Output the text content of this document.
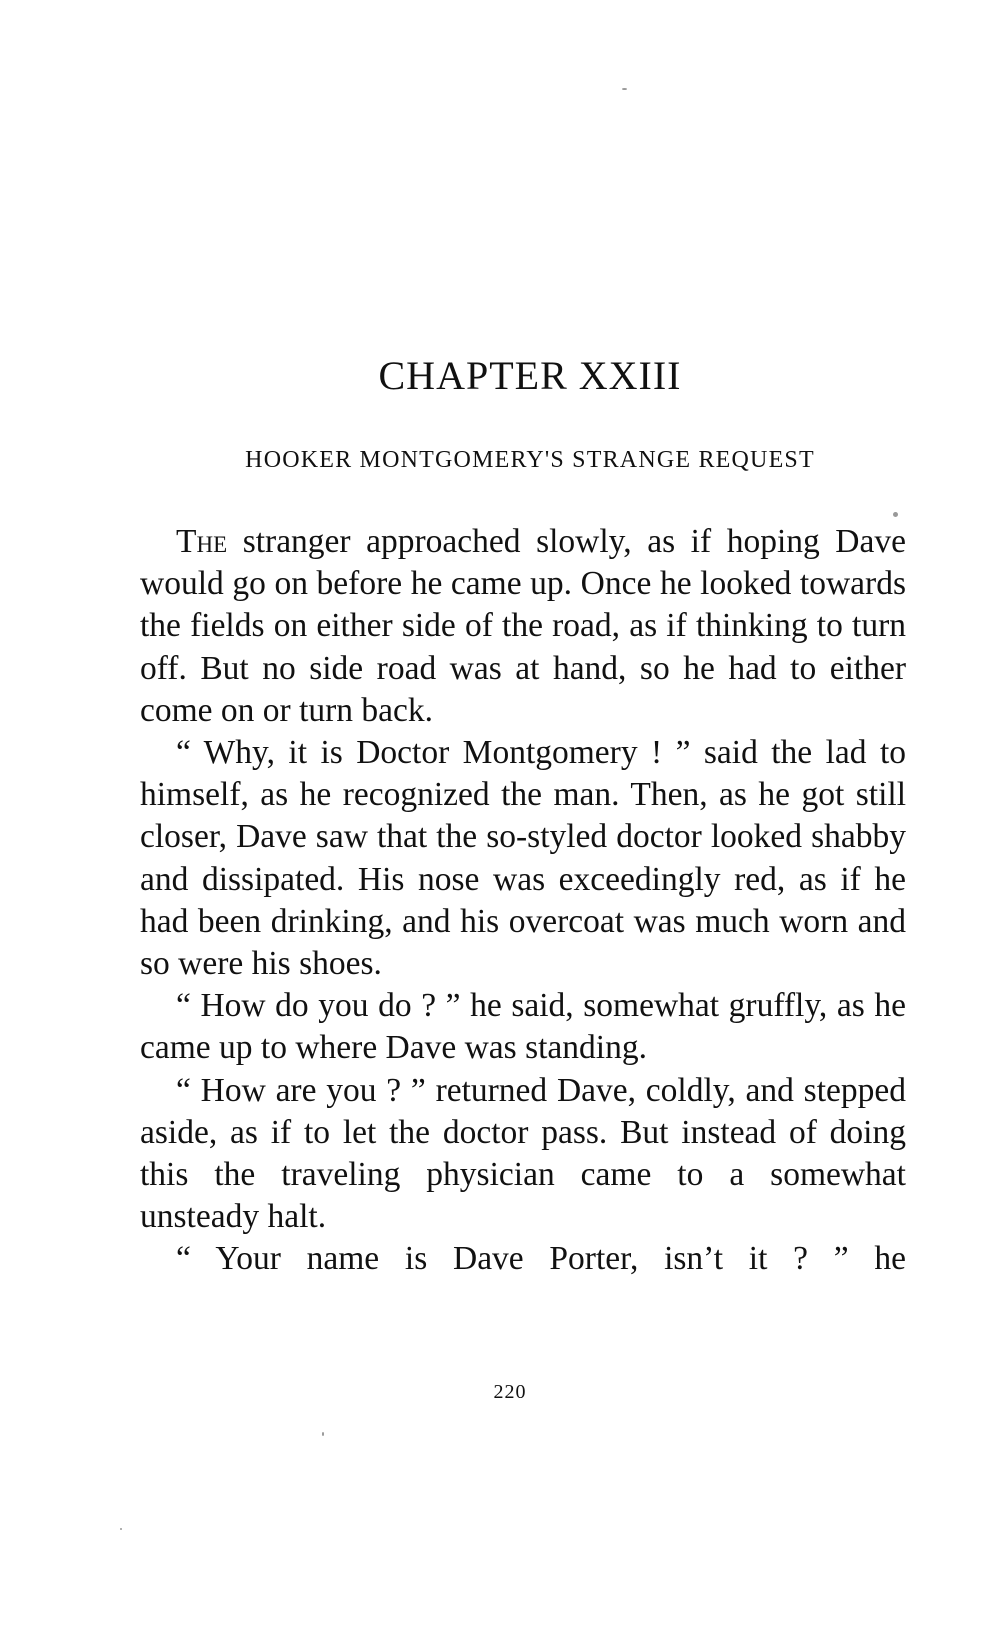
CHAPTER XXIII
HOOKER MONTGOMERY'S STRANGE REQUEST

The stranger approached slowly, as if hoping Dave would go on before he came up. Once he looked towards the fields on either side of the road, as if thinking to turn off. But no side road was at hand, so he had to either come on or turn back.

“ Why, it is Doctor Montgomery ! ” said the lad to himself, as he recognized the man. Then, as he got still closer, Dave saw that the so-styled doctor looked shabby and dissipated. His nose was exceedingly red, as if he had been drinking, and his overcoat was much worn and so were his shoes.

“ How do you do ? ” he said, somewhat gruffly, as he came up to where Dave was standing.

“ How are you ? ” returned Dave, coldly, and stepped aside, as if to let the doctor pass. But instead of doing this the traveling physician came to a somewhat unsteady halt.

“ Your name is Dave Porter, isn’t it ? ” he

220
